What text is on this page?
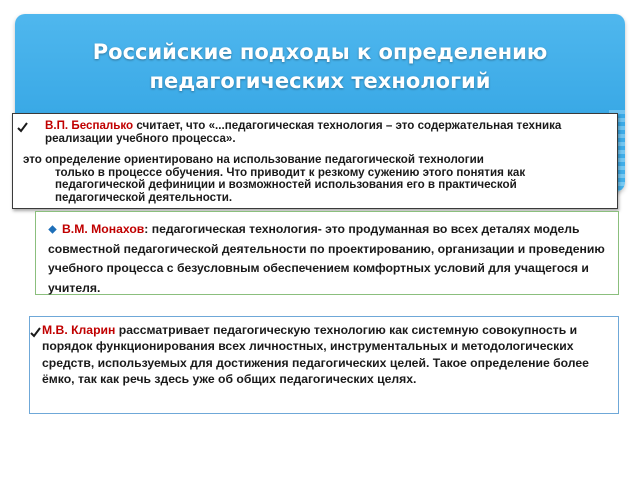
Российские подходы к определению
педагогических технологий
В.П. Беспалько считает, что «...педагогическая технология – это содержательная техника реализации учебного процесса».
это определение ориентировано на использование педагогической технологии
только в процессе обучения. Что приводит к резкому сужению этого понятия как педагогической дефиниции и возможностей использования его в практической педагогической деятельности.
В.М. Монахов: педагогическая технология- это продуманная во всех деталях модель совместной педагогической деятельности по проектированию, организации и проведению учебного процесса с безусловным обеспечением комфортных условий для учащегося и учителя.
М.В. Кларин рассматривает педагогическую технологию как системную совокупность и порядок функционирования всех личностных, инструментальных и методологических средств, используемых для достижения педагогических целей. Такое определение более ёмко, так как речь здесь уже об общих педагогических целях.
